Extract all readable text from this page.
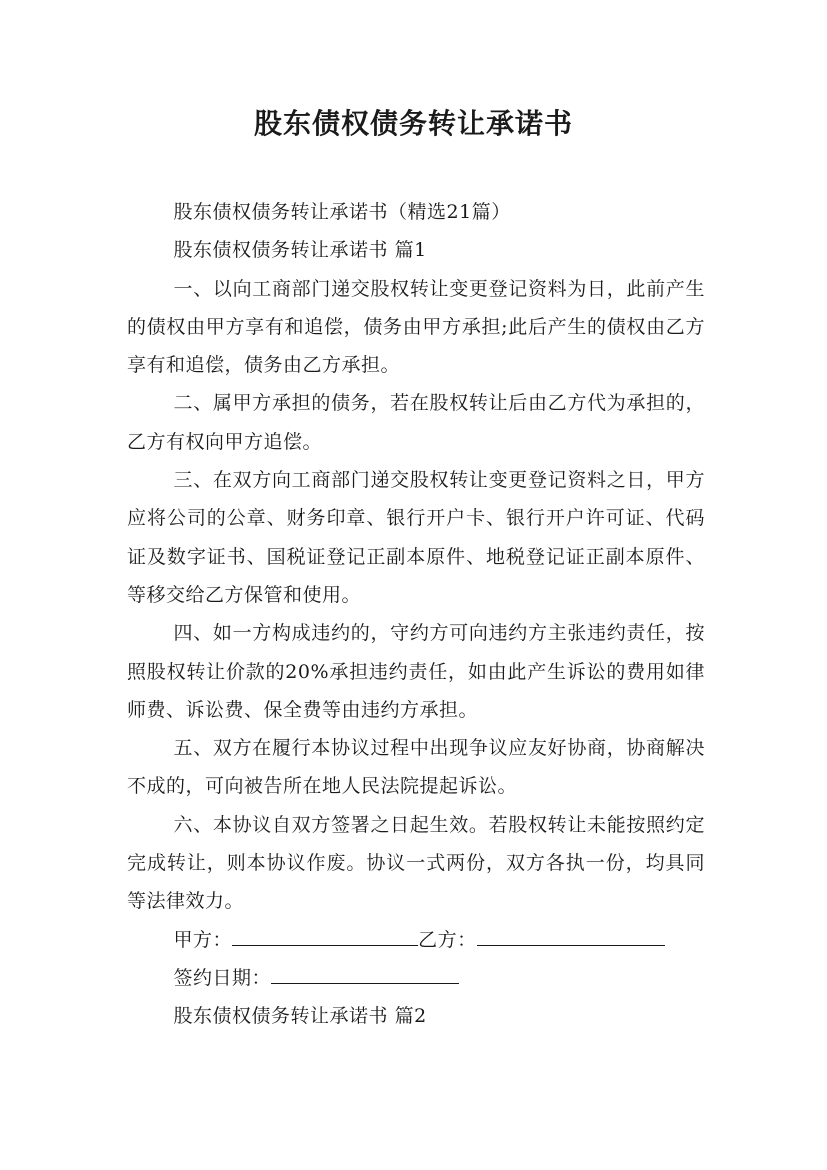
股东债权债务转让承诺书

股东债权债务转让承诺书（精选21篇）

股东债权债务转让承诺书 篇1

一、以向工商部门递交股权转让变更登记资料为日，此前产生的债权由甲方享有和追偿，债务由甲方承担;此后产生的债权由乙方享有和追偿，债务由乙方承担。

二、属甲方承担的债务，若在股权转让后由乙方代为承担的，乙方有权向甲方追偿。

三、在双方向工商部门递交股权转让变更登记资料之日，甲方应将公司的公章、财务印章、银行开户卡、银行开户许可证、代码证及数字证书、国税证登记正副本原件、地税登记证正副本原件、等移交给乙方保管和使用。

四、如一方构成违约的，守约方可向违约方主张违约责任，按照股权转让价款的20%承担违约责任，如由此产生诉讼的费用如律师费、诉讼费、保全费等由违约方承担。

五、双方在履行本协议过程中出现争议应友好协商，协商解决不成的，可向被告所在地人民法院提起诉讼。

六、本协议自双方签署之日起生效。若股权转让未能按照约定完成转让，则本协议作废。协议一式两份，双方各执一份，均具同等法律效力。

甲方：	乙方：
签约日期：

股东债权债务转让承诺书 篇2
